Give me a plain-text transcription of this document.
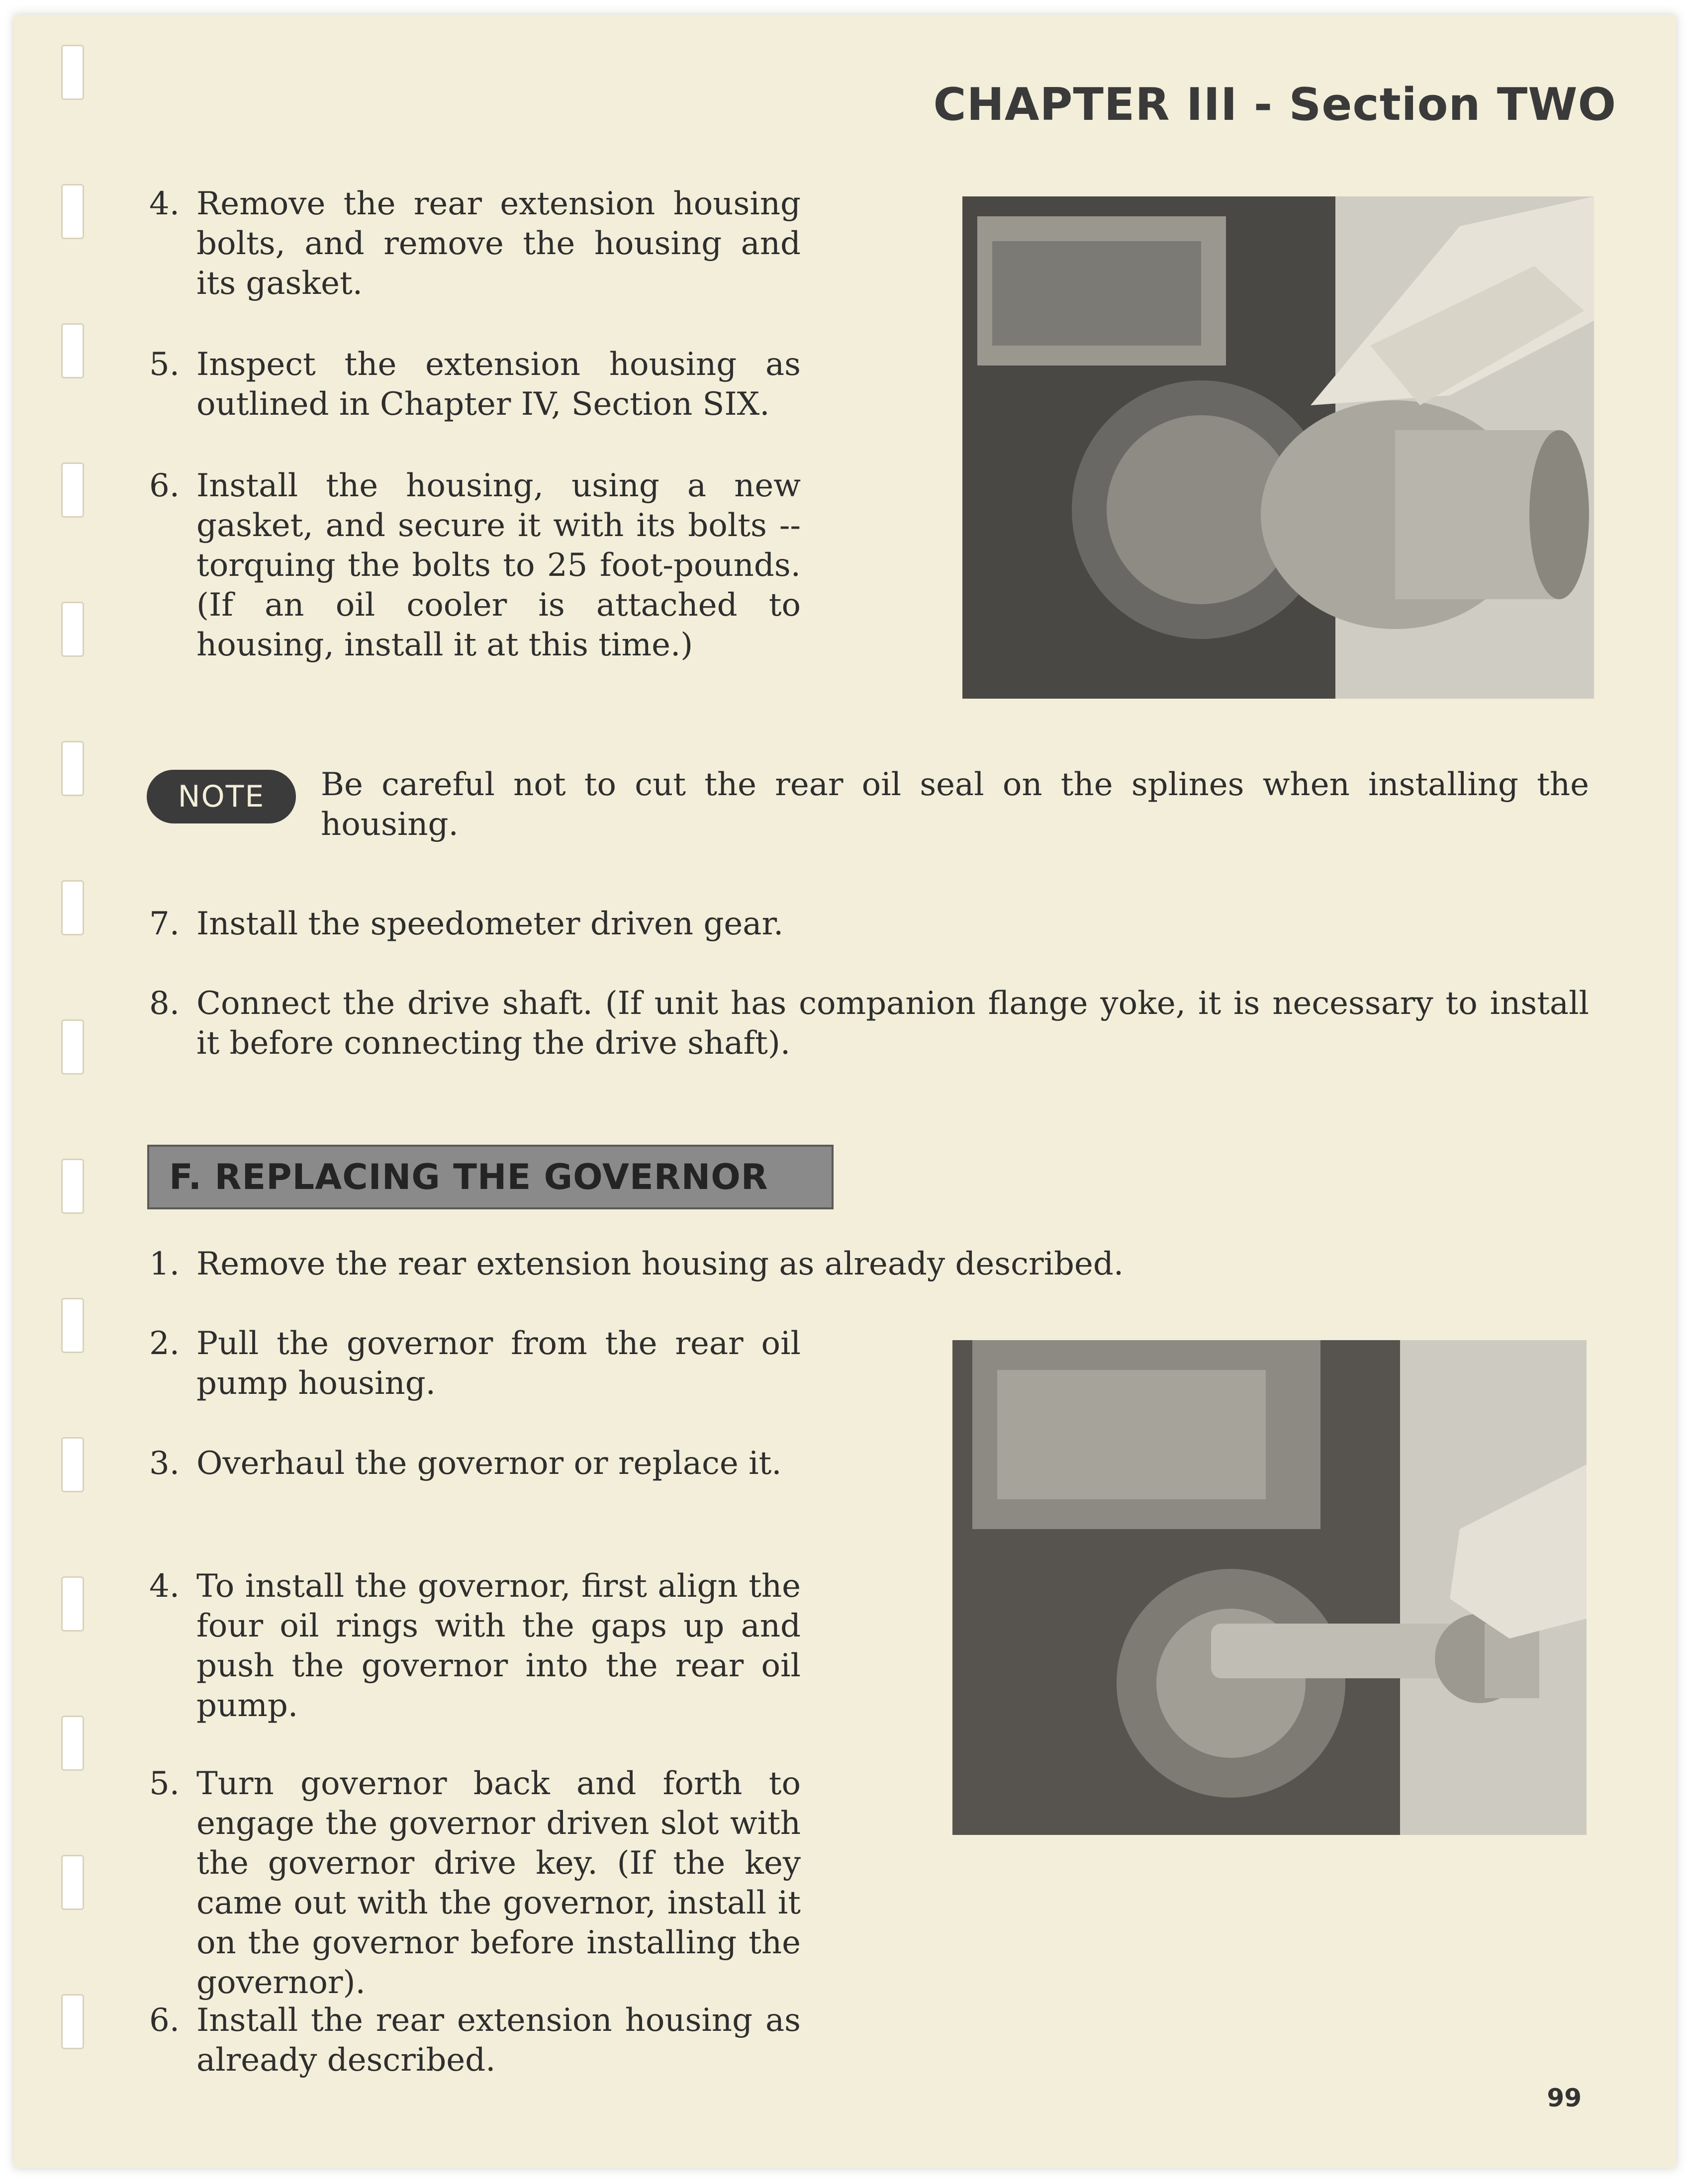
CHAPTER III - Section TWO
4. Remove the rear extension housing bolts, and remove the housing and its gasket.
5. Inspect the extension housing as outlined in Chapter IV, Section SIX.
6. Install the housing, using a new gasket, and secure it with its bolts --torquing the bolts to 25 foot-pounds. (If an oil cooler is attached to housing, install it at this time.)
NOTE	Be careful not to cut the rear oil seal on the splines when installing the housing.
7. Install the speedometer driven gear.
8. Connect the drive shaft. (If unit has companion flange yoke, it is necessary to install it before connecting the drive shaft).
F. REPLACING THE GOVERNOR
1. Remove the rear extension housing as already described.
2. Pull the governor from the rear oil pump housing.
3. Overhaul the governor or replace it.
4. To install the governor, first align the four oil rings with the gaps up and push the governor into the rear oil pump.
5. Turn governor back and forth to engage the governor driven slot with the governor drive key. (If the key came out with the governor, install it on the governor before installing the governor).
6. Install the rear extension housing as already described.
99
